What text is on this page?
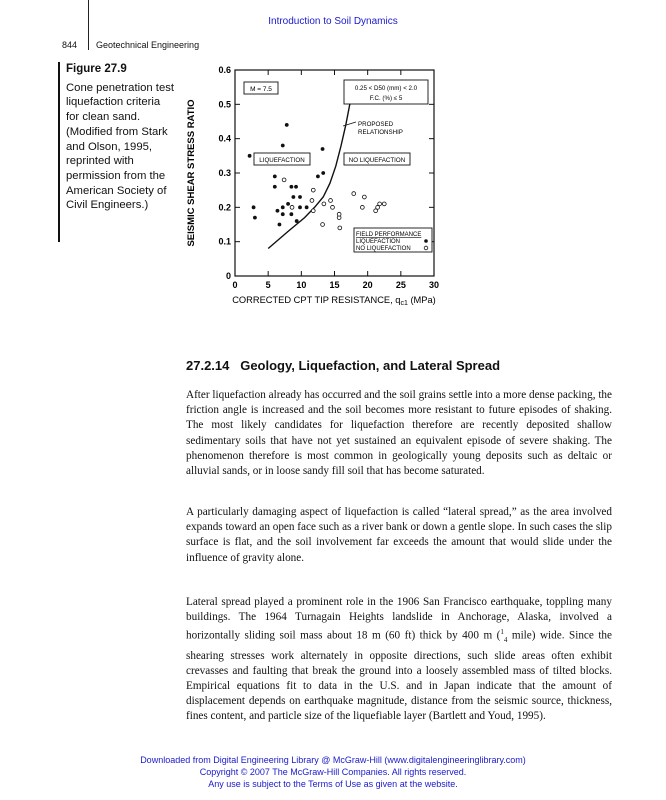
Introduction to Soil Dynamics
844 Geotechnical Engineering
Figure 27.9
Cone penetration test liquefaction criteria for clean sand. (Modified from Stark and Olson, 1995, reprinted with permission from the American Society of Civil Engineers.)
0	5	10	15	20	25	30
0
0.1
0.2
0.3
0.4
0.5
0.6
SEISMIC SHEAR STRESS RATIO
CORRECTED CPT TIP RESISTANCE, $q_{c1}$ (MPa)
M = 7.5	0.25 < D50 (mm) < 2.0
F.C. (%) ≤ 5
PROPOSED RELATIONSHIP
LIQUEFACTION	NO LIQUEFACTION
FIELD PERFORMANCE
LIQUEFACTION
NO LIQUEFACTION
27.2.14 Geology, Liquefaction, and Lateral Spread
After liquefaction already has occurred and the soil grains settle into a more dense packing, the friction angle is increased and the soil becomes more resistant to future episodes of shaking. The most likely candidates for liquefaction therefore are recently deposited shallow sedimentary soils that have not yet sustained an equivalent episode of severe shaking. The phenomenon therefore is most common in geologically young deposits such as deltaic or alluvial sands, or in loose sandy fill soil that has become saturated.
A particularly damaging aspect of liquefaction is called “lateral spread,” as the area involved expands toward an open face such as a river bank or down a gentle slope. In such cases the slip surface is flat, and the soil involvement far exceeds the amount that would slide under the influence of gravity alone.
Lateral spread played a prominent role in the 1906 San Francisco earthquake, toppling many buildings. The 1964 Turnagain Heights landslide in Anchorage, Alaska, involved a horizontally sliding soil mass about 18 m (60 ft) thick by 400 m ($^1_4$ mile) wide. Since the shearing stresses work alternately in opposite directions, such slide areas often exhibit crevasses and faulting that break the ground into a loosely assembled mass of tilted blocks. Empirical equations fit to data in the U.S. and in Japan indicate that the amount of displacement depends on earthquake magnitude, distance from the seismic source, thickness, fines content, and particle size of the liquefiable layer (Bartlett and Youd, 1995).
Downloaded from Digital Engineering Library @ McGraw-Hill (www.digitalengineeringlibrary.com)
Copyright © 2007 The McGraw-Hill Companies. All rights reserved.
Any use is subject to the Terms of Use as given at the website.
